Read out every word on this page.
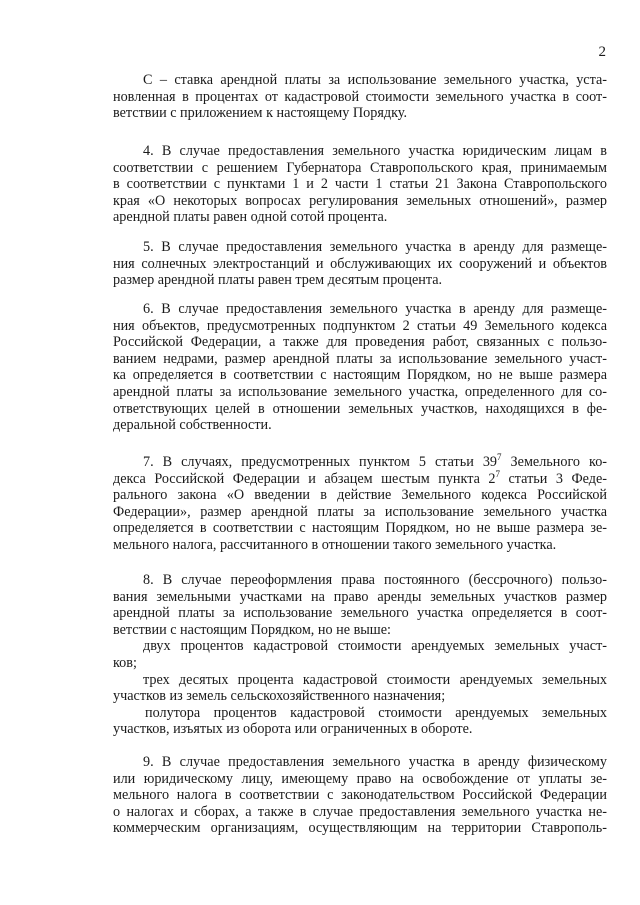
2
С – ставка арендной платы за использование земельного участка, уста-
новленная в процентах от кадастровой стоимости земельного участка в соот-
ветствии с приложением к настоящему Порядку.
4. В случае предоставления земельного участка юридическим лицам в
соответствии с решением Губернатора Ставропольского края, принимаемым
в соответствии с пунктами 1 и 2 части 1 статьи 21 Закона Ставропольского
края «О некоторых вопросах регулирования земельных отношений», размер
арендной платы равен одной сотой процента.
5. В случае предоставления земельного участка в аренду для размеще-
ния солнечных электростанций и обслуживающих их сооружений и объектов
размер арендной платы равен трем десятым процента.
6. В случае предоставления земельного участка в аренду для размеще-
ния объектов, предусмотренных подпунктом 2 статьи 49 Земельного кодекса
Российской Федерации, а также для проведения работ, связанных с пользо-
ванием недрами, размер арендной платы за использование земельного участ-
ка определяется в соответствии с настоящим Порядком, но не выше размера
арендной платы за использование земельного участка, определенного для со-
ответствующих целей в отношении земельных участков, находящихся в фе-
деральной собственности.
7. В случаях, предусмотренных пунктом 5 статьи $39^7$ Земельного ко-
декса Российской Федерации и абзацем шестым пункта $2^7$ статьи 3 Феде-
рального закона «О введении в действие Земельного кодекса Российской
Федерации», размер арендной платы за использование земельного участка
определяется в соответствии с настоящим Порядком, но не выше размера зе-
мельного налога, рассчитанного в отношении такого земельного участка.
8. В случае переоформления права постоянного (бессрочного) пользо-
вания земельными участками на право аренды земельных участков размер
арендной платы за использование земельного участка определяется в соот-
ветствии с настоящим Порядком, но не выше:
двух процентов кадастровой стоимости арендуемых земельных участ-
ков;
трех десятых процента кадастровой стоимости арендуемых земельных
участков из земель сельскохозяйственного назначения;
полутора процентов кадастровой стоимости арендуемых земельных
участков, изъятых из оборота или ограниченных в обороте.
9. В случае предоставления земельного участка в аренду физическому
или юридическому лицу, имеющему право на освобождение от уплаты зе-
мельного налога в соответствии с законодательством Российской Федерации
о налогах и сборах, а также в случае предоставления земельного участка не-
коммерческим организациям, осуществляющим на территории Ставрополь-
